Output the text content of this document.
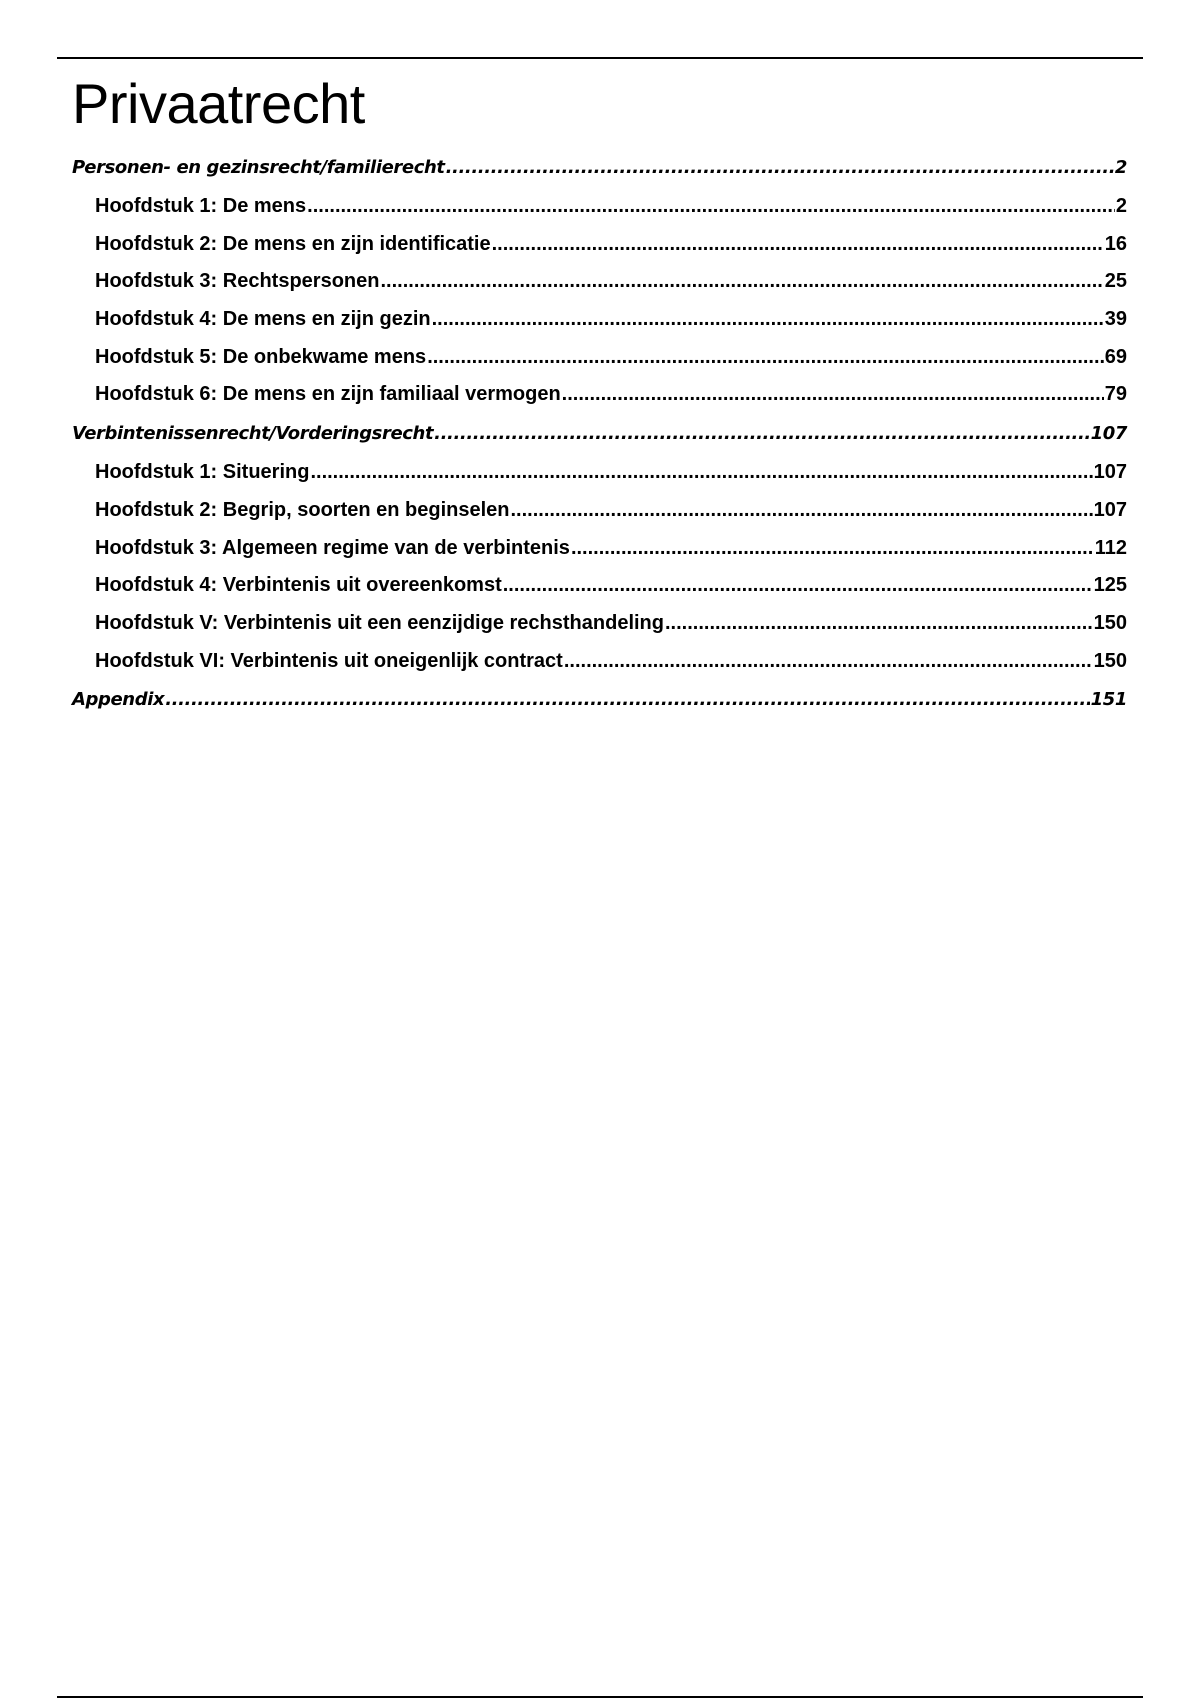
Privaatrecht
Personen- en gezinsrecht/familierecht .....	2
Hoofdstuk 1: De mens .....	2
Hoofdstuk 2: De mens en zijn identificatie .....	16
Hoofdstuk 3: Rechtspersonen .....	25
Hoofdstuk 4: De mens en zijn gezin .....	39
Hoofdstuk 5: De onbekwame mens .....	69
Hoofdstuk 6: De mens en zijn familiaal vermogen .....	79
Verbintenissenrecht/Vorderingsrecht .....	107
Hoofdstuk 1: Situering .....	107
Hoofdstuk 2: Begrip, soorten en beginselen .....	107
Hoofdstuk 3: Algemeen regime van de verbintenis .....	112
Hoofdstuk 4: Verbintenis uit overeenkomst .....	125
Hoofdstuk V: Verbintenis uit een eenzijdige rechsthandeling .....	150
Hoofdstuk VI: Verbintenis uit oneigenlijk contract .....	150
Appendix .....	151
